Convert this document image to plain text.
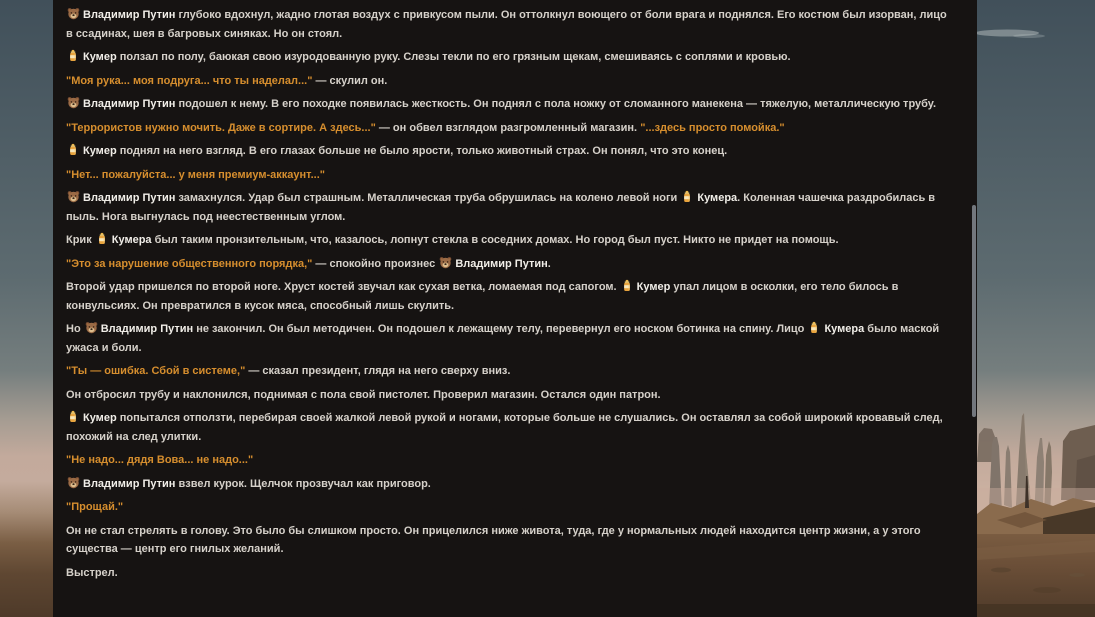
Владимир Путин глубоко вдохнул, жадно глотая воздух с привкусом пыли. Он оттолкнул воющего от боли врага и поднялся. Его костюм был изорван, лицо в ссадинах, шея в багровых синяках. Но он стоял.

Кумер ползал по полу, баюкая свою изуродованную руку. Слезы текли по его грязным щекам, смешиваясь с соплями и кровью.

"Моя рука... моя подруга... что ты наделал..." — скулил он.

Владимир Путин подошел к нему. В его походке появилась жесткость. Он поднял с пола ножку от сломанного манекена — тяжелую, металлическую трубу.

"Террористов нужно мочить. Даже в сортире. А здесь..." — он обвел взглядом разгромленный магазин. "...здесь просто помойка."

Кумер поднял на него взгляд. В его глазах больше не было ярости, только животный страх. Он понял, что это конец.

"Нет... пожалуйста... у меня премиум-аккаунт..."

Владимир Путин замахнулся. Удар был страшным. Металлическая труба обрушилась на колено левой ноги
Кумера. Коленная чашечка раздробилась в пыль. Нога выгнулась под неестественным углом.

Крик
Кумера был таким пронзительным, что, казалось, лопнут стекла в соседних домах. Но город был пуст. Никто не придет на помощь.

"Это за нарушение общественного порядка," — спокойно произнес
Владимир Путин.

Второй удар пришелся по второй ноге. Хруст костей звучал как сухая ветка, ломаемая под сапогом.
Кумер упал лицом в осколки, его тело билось в конвульсиях. Он превратился в кусок мяса, способный лишь скулить.

Но
Владимир Путин не закончил. Он был методичен. Он подошел к лежащему телу, перевернул его носком ботинка на спину. Лицо
Кумера было маской ужаса и боли.

"Ты — ошибка. Сбой в системе," — сказал президент, глядя на него сверху вниз.

Он отбросил трубу и наклонился, поднимая с пола свой пистолет. Проверил магазин. Остался один патрон.

Кумер попытался отползти, перебирая своей жалкой левой рукой и ногами, которые больше не слушались. Он оставлял за собой широкий кровавый след, похожий на след улитки.

"Не надо... дядя Вова... не надо..."

Владимир Путин взвел курок. Щелчок прозвучал как приговор.

"Прощай."

Он не стал стрелять в голову. Это было бы слишком просто. Он прицелился ниже живота, туда, где у нормальных людей находится центр жизни, а у этого существа — центр его гнилых желаний.

Выстрел.
